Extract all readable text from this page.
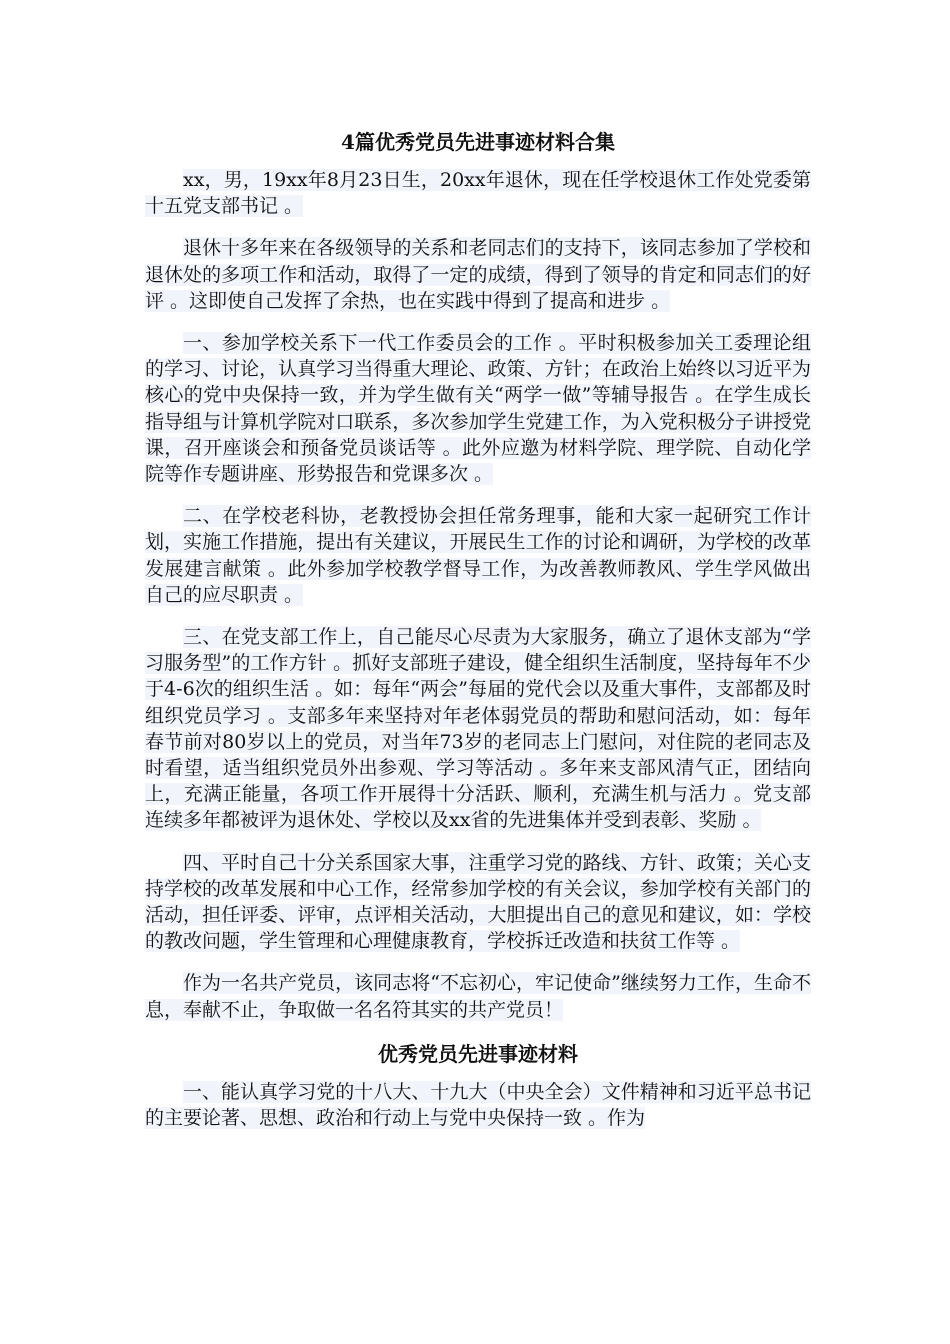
4篇优秀党员先进事迹材料合集

xx，男，19xx年8月23日生，20xx年退休，现在任学校退休工作处党委第十五党支部书记 。

退休十多年来在各级领导的关系和老同志们的支持下，该同志参加了学校和退休处的多项工作和活动，取得了一定的成绩，得到了领导的肯定和同志们的好评 。这即使自己发挥了余热，也在实践中得到了提高和进步 。

一、参加学校关系下一代工作委员会的工作 。平时积极参加关工委理论组的学习、讨论，认真学习当得重大理论、政策、方针；在政治上始终以习近平为核心的党中央保持一致，并为学生做有关“两学一做”等辅导报告 。在学生成长指导组与计算机学院对口联系，多次参加学生党建工作，为入党积极分子讲授党课，召开座谈会和预备党员谈话等 。此外应邀为材料学院、理学院、自动化学院等作专题讲座、形势报告和党课多次 。

二、在学校老科协，老教授协会担任常务理事，能和大家一起研究工作计划，实施工作措施，提出有关建议，开展民生工作的讨论和调研，为学校的改革发展建言献策 。此外参加学校教学督导工作，为改善教师教风、学生学风做出自己的应尽职责 。

三、在党支部工作上，自己能尽心尽责为大家服务，确立了退休支部为“学习服务型”的工作方针 。抓好支部班子建设，健全组织生活制度，坚持每年不少于4-6次的组织生活 。如：每年“两会”每届的党代会以及重大事件，支部都及时组织党员学习 。支部多年来坚持对年老体弱党员的帮助和慰问活动，如：每年春节前对80岁以上的党员，对当年73岁的老同志上门慰问，对住院的老同志及时看望，适当组织党员外出参观、学习等活动 。多年来支部风清气正，团结向上，充满正能量，各项工作开展得十分活跃、顺利，充满生机与活力 。党支部连续多年都被评为退休处、学校以及xx省的先进集体并受到表彰、奖励 。

四、平时自己十分关系国家大事，注重学习党的路线、方针、政策；关心支持学校的改革发展和中心工作，经常参加学校的有关会议，参加学校有关部门的活动，担任评委、评审，点评相关活动，大胆提出自己的意见和建议，如：学校的教改问题，学生管理和心理健康教育，学校拆迁改造和扶贫工作等 。

作为一名共产党员，该同志将“不忘初心，牢记使命”继续努力工作，生命不息，奉献不止，争取做一名名符其实的共产党员！

优秀党员先进事迹材料

一、能认真学习党的十八大、十九大（中央全会）文件精神和习近平总书记的主要论著、思想、政治和行动上与党中央保持一致 。作为
